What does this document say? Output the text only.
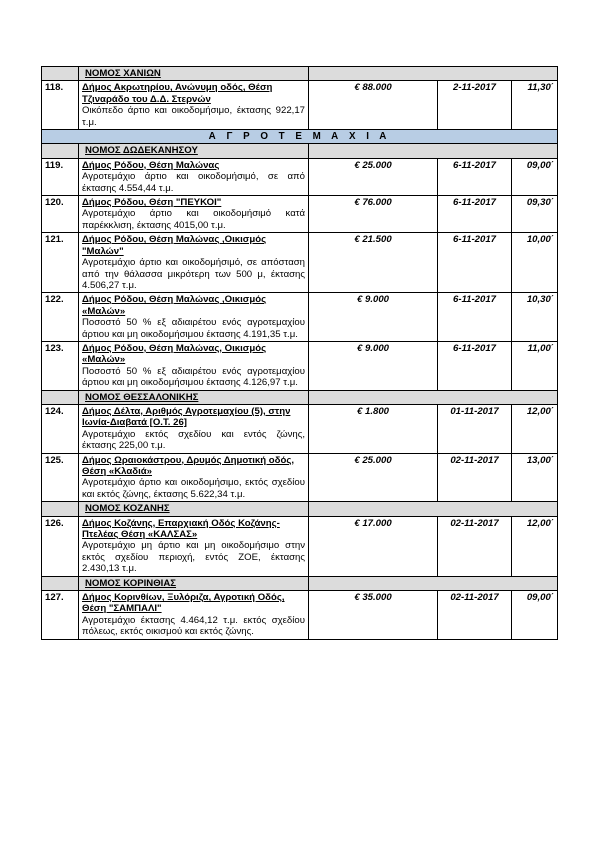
	ΝΟΜΟΣ ΧΑΝΙΩΝ			
118.	Δήμος Ακρωτηρίου, Ανώνυμη οδός, Θέση Τζιναράδο του Δ.Δ. Στερνών
Οικόπεδο άρτιο και οικοδομήσιμο, έκτασης 922,17 τ.μ.	€ 88.000	2-11-2017	11,30΄
Α Γ Ρ Ο Τ Ε Μ Α Χ Ι Α				
	ΝΟΜΟΣ ΔΩΔΕΚΑΝΗΣΟΥ			
119.	Δήμος Ρόδου, Θέση Μαλώνας
Αγροτεμάχιο άρτιο και οικοδομήσιμό, σε από έκτασης 4.554,44 τ.μ.	€ 25.000	6-11-2017	09,00΄
120.	Δήμος Ρόδου, Θέση "ΠΕΥΚΟΙ"
Αγροτεμάχιο άρτιο και οικοδομήσιμό κατά παρέκκλιση, έκτασης 4015,00 τ.μ.	€ 76.000	6-11-2017	09,30΄
121.	Δήμος Ρόδου, Θέση Μαλώνας ,Οικισμός "Μαλών"
Αγροτεμάχιο άρτιο και οικοδομήσιμό, σε απόσταση από την θάλασσα μικρότερη των 500 μ, έκτασης 4.506,27 τ.μ.	€ 21.500	6-11-2017	10,00΄
122.	Δήμος Ρόδου, Θέση Μαλώνας ,Οικισμός «Μαλών»
Ποσοστό 50 % εξ αδιαιρέτου ενός αγροτεμαχίου άρτιου και μη οικοδομήσιμου έκτασης 4.191,35 τ.μ.	€ 9.000	6-11-2017	10,30΄
123.	Δήμος Ρόδου, Θέση Μαλώνας, Οικισμός «Μαλών»
Ποσοστό 50 % εξ αδιαιρέτου ενός αγροτεμαχίου άρτιου και μη οικοδομήσιμου έκτασης 4.126,97 τ.μ.	€ 9.000	6-11-2017	11,00΄
	ΝΟΜΟΣ ΘΕΣΣΑΛΟΝΙΚΗΣ			
124.	Δήμος Δέλτα, Αριθμός Αγροτεμαχίου (5), στην Ιωνία-Διαβατά [Ο.Τ. 26]
Αγροτεμάχιο εκτός σχεδίου και εντός ζώνης, έκτασης 225,00 τ.μ.	€ 1.800	01-11-2017	12,00΄
125.	Δήμος Ωραιοκάστρου, Δρυμός Δημοτική οδός, Θέση «Κλαδιά»
Αγροτεμάχιο άρτιο και οικοδομήσιμο, εκτός σχεδίου και εκτός ζώνης, έκτασης 5.622,34 τ.μ.	€ 25.000	02-11-2017	13,00΄
	ΝΟΜΟΣ ΚΟΖΑΝΗΣ			
126.	Δήμος Κοζάνης, Επαρχιακή Οδός Κοζάνης-Πτελέας Θέση «ΚΑΛΣΑΣ»
Αγροτεμάχιο μη άρτιο και μη οικοδομήσιμο στην εκτός σχεδίου περιοχή, εντός ΖΟΕ, έκτασης 2.430,13 τ.μ.	€ 17.000	02-11-2017	12,00΄
	ΝΟΜΟΣ ΚΟΡΙΝΘΙΑΣ			
127.	Δήμος Κορινθίων, Ξυλόριζα, Αγροτική Οδός, Θέση "ΣΑΜΠΑΛΙ"
Αγροτεμάχιο έκτασης 4.464,12 τ.μ. εκτός σχεδίου πόλεως, εκτός οικισμού και εκτός ζώνης.	€ 35.000	02-11-2017	09,00΄
